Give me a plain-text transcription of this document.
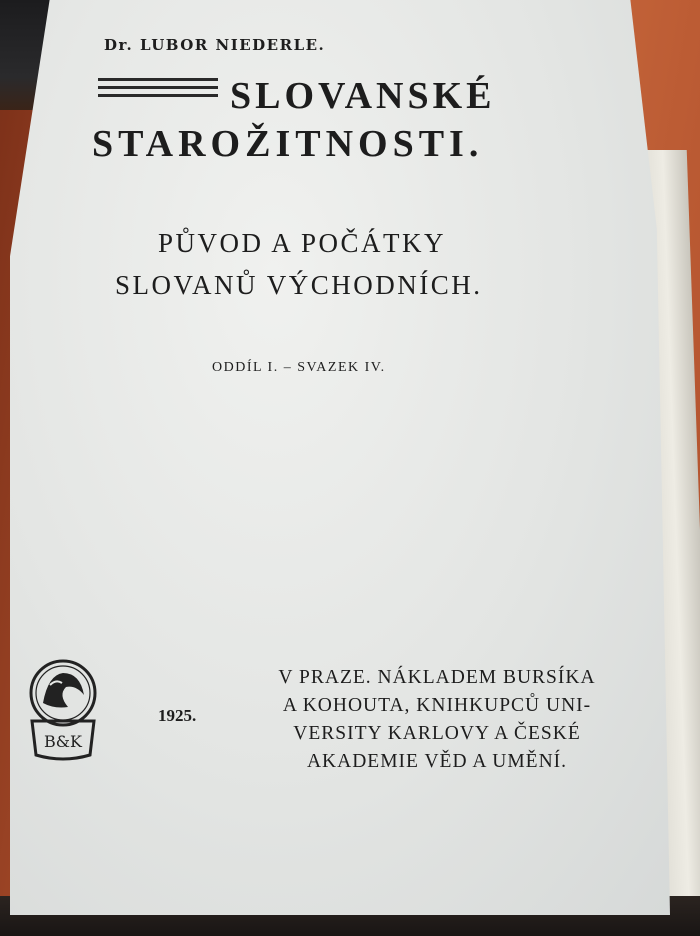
Dr. LUBOR NIEDERLE.
SLOVANSKÉ
STAROŽITNOSTI.
PŮVOD A POČÁTKY
SLOVANŮ VÝCHODNÍCH.
ODDÍL I. – SVAZEK IV.
B&K
1925.
V PRAZE. NÁKLADEM BURSÍKA
A KOHOUTA, KNIHKUPCŮ UNI-
VERSITY KARLOVY A ČESKÉ
AKADEMIE VĚD A UMĚNÍ.
